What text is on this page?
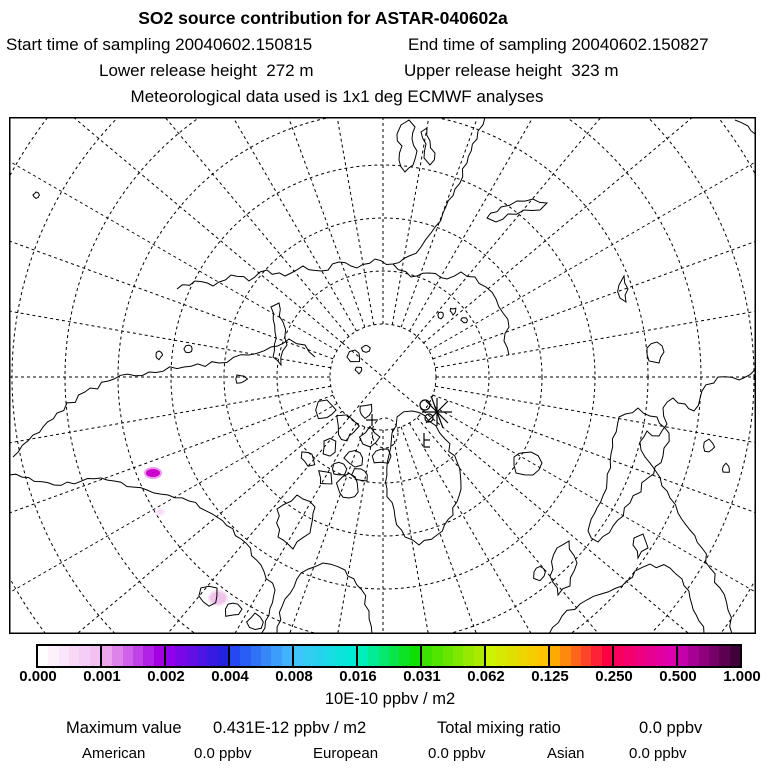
SO2 source contribution for ASTAR-040602a
Start time of sampling 20040602.150815	End time of sampling 20040602.150827
Lower release height  272 m	Upper release height  323 m
Meteorological data used is 1x1 deg ECMWF analyses
0.000 0.001 0.002 0.004 0.008 0.016 0.031 0.062 0.125 0.250 0.500 1.000
10E-10 ppbv / m2
Maximum value 0.431E-12 ppbv / m2	Total mixing ratio	0.0 ppbv
American	0.0 ppbv	European	0.0 ppbv	Asian	0.0 ppbv
